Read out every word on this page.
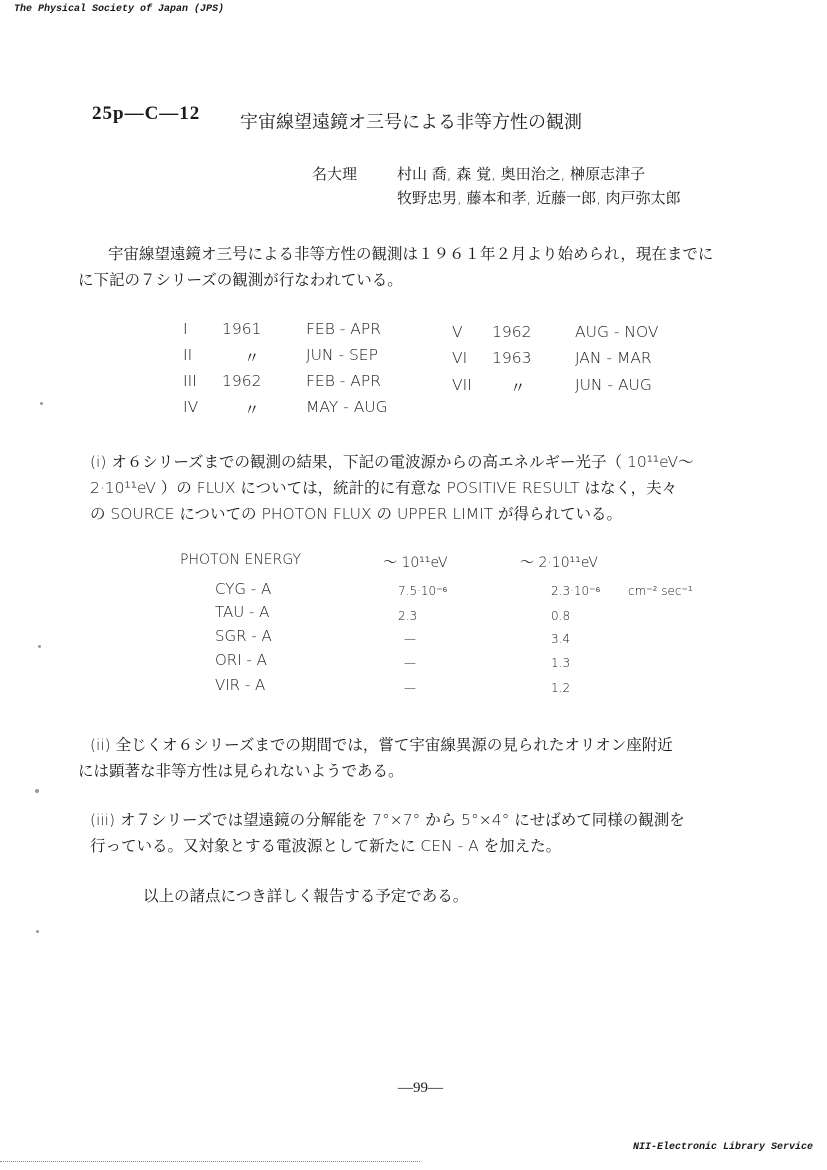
The Physical Society of Japan (JPS)
25p—C—12 宇宙線望遠鏡オ三号による非等方性の観測
名大理	村山 喬, 森 覚, 奥田治之, 榊原志津子
牧野忠男, 藤本和孝, 近藤一郎, 肉戸弥太郎
宇宙線望遠鏡オ三号による非等方性の観測は１９６１年２月より始められ，現在までに
に下記の７シリーズの観測が行なわれている。
I 1961	FEB - APR
II	〃	JUN - SEP
III 1962	FEB - APR
IV	〃	MAY - AUG
V 1962	AUG - NOV
VI 1963	JAN - MAR
VII 〃	JUN - AUG
(i) オ６シリーズまでの観測の結果，下記の電波源からの高エネルギー光子（ 10¹¹eV〜
2·10¹¹eV ）の FLUX については，統計的に有意な POSITIVE RESULT はなく，夫々
の SOURCE についての PHOTON FLUX の UPPER LIMIT が得られている。
PHOTON ENERGY	〜 10¹¹eV	〜 2·10¹¹eV
CYG - A	7.5·10⁻⁶	2.3·10⁻⁶ cm⁻² sec⁻¹
TAU - A	2.3	0.8
SGR - A	—	3.4
ORI - A	—	1.3
VIR - A	—	1.2
(ii) 全じくオ６シリーズまでの期間では，嘗て宇宙線異源の見られたオリオン座附近
には顕著な非等方性は見られないようである。
(iii) オ７シリーズでは望遠鏡の分解能を 7°×7° から 5°×4° にせばめて同様の観測を
行っている。又対象とする電波源として新たに CEN - A を加えた。
以上の諸点につき詳しく報告する予定である。
—99—
NII-Electronic Library Service
